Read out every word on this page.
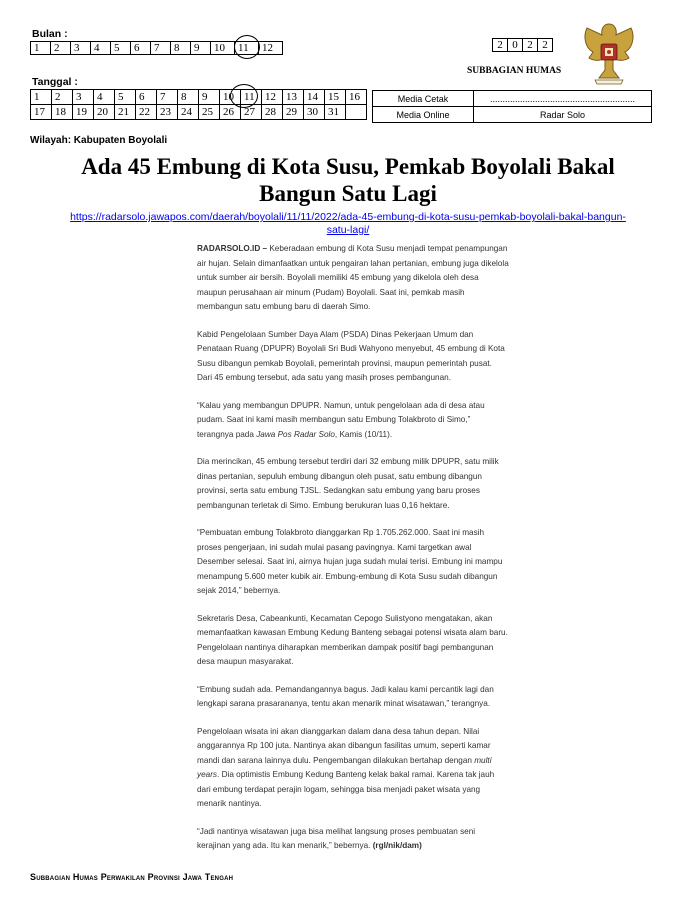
Bulan :
1	2	3	4	5	6	7	8	9	10	11	12	2	0	2	2
SUBBAGIAN HUMAS
Tanggal :
1	2	3	4	5	6	7	8	9	10	11	12	13	14	15	16
17	18	19	20	21	22	23	24	25	26	27	28	29	30	31	
Media Cetak	..........................................................
Media Online	Radar Solo
Wilayah: Kabupaten Boyolali
Ada 45 Embung di Kota Susu, Pemkab Boyolali Bakal
Bangun Satu Lagi
https://radarsolo.jawapos.com/daerah/boyolali/11/11/2022/ada-45-embung-di-kota-susu-pemkab-boyolali-bakal-bangun-
satu-lagi/

RADARSOLO.ID – Keberadaan embung di Kota Susu menjadi tempat penampungan air hujan. Selain dimanfaatkan untuk pengairan lahan pertanian, embung juga dikelola untuk sumber air bersih. Boyolali memiliki 45 embung yang dikelola oleh desa maupun perusahaan air minum (Pudam) Boyolali. Saat ini, pemkab masih membangun satu embung baru di daerah Simo.

Kabid Pengelolaan Sumber Daya Alam (PSDA) Dinas Pekerjaan Umum dan Penataan Ruang (DPUPR) Boyolali Sri Budi Wahyono menyebut, 45 embung di Kota Susu dibangun pemkab Boyolali, pemerintah provinsi, maupun pemerintah pusat. Dari 45 embung tersebut, ada satu yang masih proses pembangunan.

“Kalau yang membangun DPUPR. Namun, untuk pengelolaan ada di desa atau pudam. Saat ini kami masih membangun satu Embung Tolakbroto di Simo,” terangnya pada Jawa Pos Radar Solo, Kamis (10/11).

Dia merincikan, 45 embung tersebut terdiri dari 32 embung milik DPUPR, satu milik dinas pertanian, sepuluh embung dibangun oleh pusat, satu embung dibangun provinsi, serta satu embung TJSL. Sedangkan satu embung yang baru proses pembangunan terletak di Simo. Embung berukuran luas 0,16 hektare.

“Pembuatan embung Tolakbroto dianggarkan Rp 1.705.262.000. Saat ini masih proses pengerjaan, ini sudah mulai pasang pavingnya. Kami targetkan awal Desember selesai. Saat ini, airnya hujan juga sudah mulai terisi. Embung ini mampu menampung 5.600 meter kubik air. Embung-embung di Kota Susu sudah dibangun sejak 2014,” bebernya.

Sekretaris Desa, Cabeankunti, Kecamatan Cepogo Sulistyono mengatakan, akan memanfaatkan kawasan Embung Kedung Banteng sebagai potensi wisata alam baru. Pengelolaan nantinya diharapkan memberikan dampak positif bagi pembangunan desa maupun masyarakat.

“Embung sudah ada. Pemandangannya bagus. Jadi kalau kami percantik lagi dan lengkapi sarana prasarananya, tentu akan menarik minat wisatawan,” terangnya.

Pengelolaan wisata ini akan dianggarkan dalam dana desa tahun depan. Nilai anggarannya Rp 100 juta. Nantinya akan dibangun fasilitas umum, seperti kamar mandi dan sarana lainnya dulu. Pengembangan dilakukan bertahap dengan multi years. Dia optimistis Embung Kedung Banteng kelak bakal ramai. Karena tak jauh dari embung terdapat perajin logam, sehingga bisa menjadi paket wisata yang menarik nantinya.

“Jadi nantinya wisatawan juga bisa melihat langsung proses pembuatan seni kerajinan yang ada. Itu kan menarik,” bebernya. (rgl/nik/dam)

Subbagian Humas Perwakilan Provinsi Jawa Tengah
